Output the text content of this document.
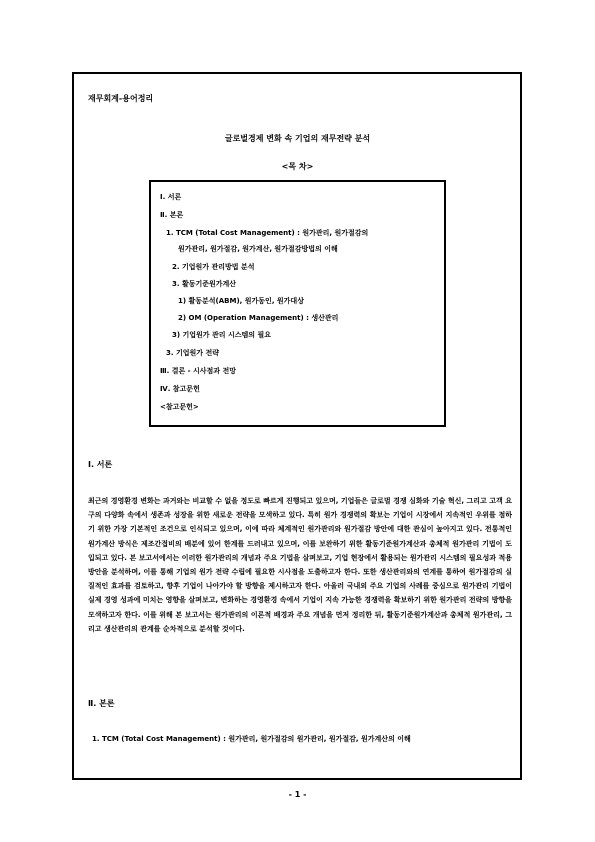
재무회계-용어정리
글로벌경제 변화 속 기업의 재무전략 분석
<목 차>
Ⅰ. 서론
Ⅱ. 본론
1. TCM (Total Cost Management) : 원가관리, 원가절감의
원가관리, 원가절감, 원가계산, 원가절감방법의 이해
2. 기업원가 관리방법 분석
3. 활동기준원가계산
1) 활동분석(ABM), 원가동인, 원가대상
2) OM (Operation Management) : 생산관리
3) 기업원가 관리 시스템의 필요
3. 기업원가 전략
Ⅲ. 결론 - 시사점과 전망
Ⅳ. 참고문헌
<참고문헌>
Ⅰ. 서론
최근의 경영환경 변화는 과거와는 비교할 수 없을 정도로 빠르게 진행되고 있으며, 기업들은 글로벌 경쟁 심화와 기술 혁신, 그리고 고객 요구의 다양화 속에서 생존과 성장을 위한 새로운 전략을 모색하고 있다. 특히 원가 경쟁력의 확보는 기업이 시장에서 지속적인 우위를 점하기 위한 가장 기본적인 조건으로 인식되고 있으며, 이에 따라 체계적인 원가관리와 원가절감 방안에 대한 관심이 높아지고 있다. 전통적인 원가계산 방식은 제조간접비의 배분에 있어 한계를 드러내고 있으며, 이를 보완하기 위한 활동기준원가계산과 총체적 원가관리 기법이 도입되고 있다. 본 보고서에서는 이러한 원가관리의 개념과 주요 기법을 살펴보고, 기업 현장에서 활용되는 원가관리 시스템의 필요성과 적용 방안을 분석하며, 이를 통해 기업의 원가 전략 수립에 필요한 시사점을 도출하고자 한다. 또한 생산관리와의 연계를 통하여 원가절감의 실질적인 효과를 검토하고, 향후 기업이 나아가야 할 방향을 제시하고자 한다. 아울러 국내외 주요 기업의 사례를 중심으로 원가관리 기법이 실제 경영 성과에 미치는 영향을 살펴보고, 변화하는 경영환경 속에서 기업이 지속 가능한 경쟁력을 확보하기 위한 원가관리 전략의 방향을 모색하고자 한다. 이를 위해 본 보고서는 원가관리의 이론적 배경과 주요 개념을 먼저 정리한 뒤, 활동기준원가계산과 총체적 원가관리, 그리고 생산관리의 관계를 순차적으로 분석할 것이다.
Ⅱ. 본론
1. TCM (Total Cost Management) : 원가관리, 원가절감의 원가관리, 원가절감, 원가계산의 이해
- 1 -
